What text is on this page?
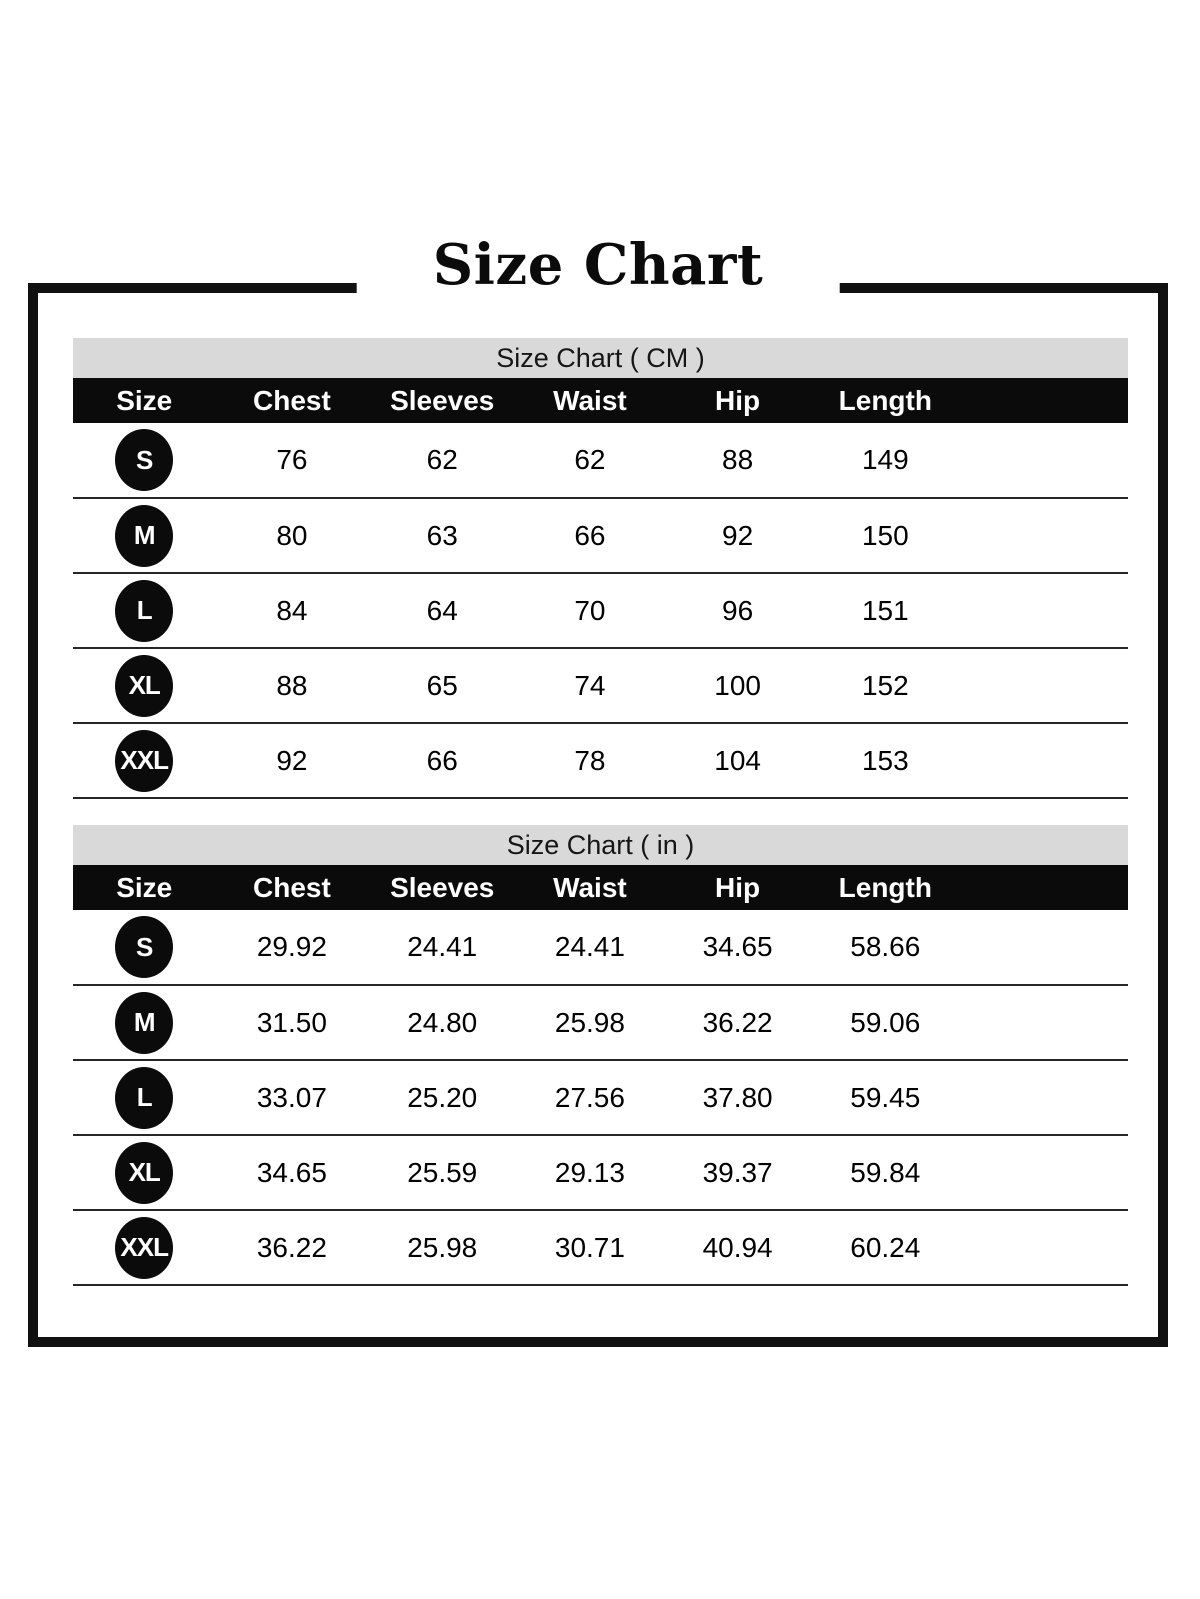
Size Chart
Size Chart ( CM )						
Size	Chest	Sleeves	Waist	Hip	Length	
S	76	62	62	88	149	
M	80	63	66	92	150	
L	84	64	70	96	151	
XL	88	65	74	100	152	
XXL	92	66	78	104	153	
Size Chart ( in )						
Size	Chest	Sleeves	Waist	Hip	Length	
S	29.92	24.41	24.41	34.65	58.66	
M	31.50	24.80	25.98	36.22	59.06	
L	33.07	25.20	27.56	37.80	59.45	
XL	34.65	25.59	29.13	39.37	59.84	
XXL	36.22	25.98	30.71	40.94	60.24	
